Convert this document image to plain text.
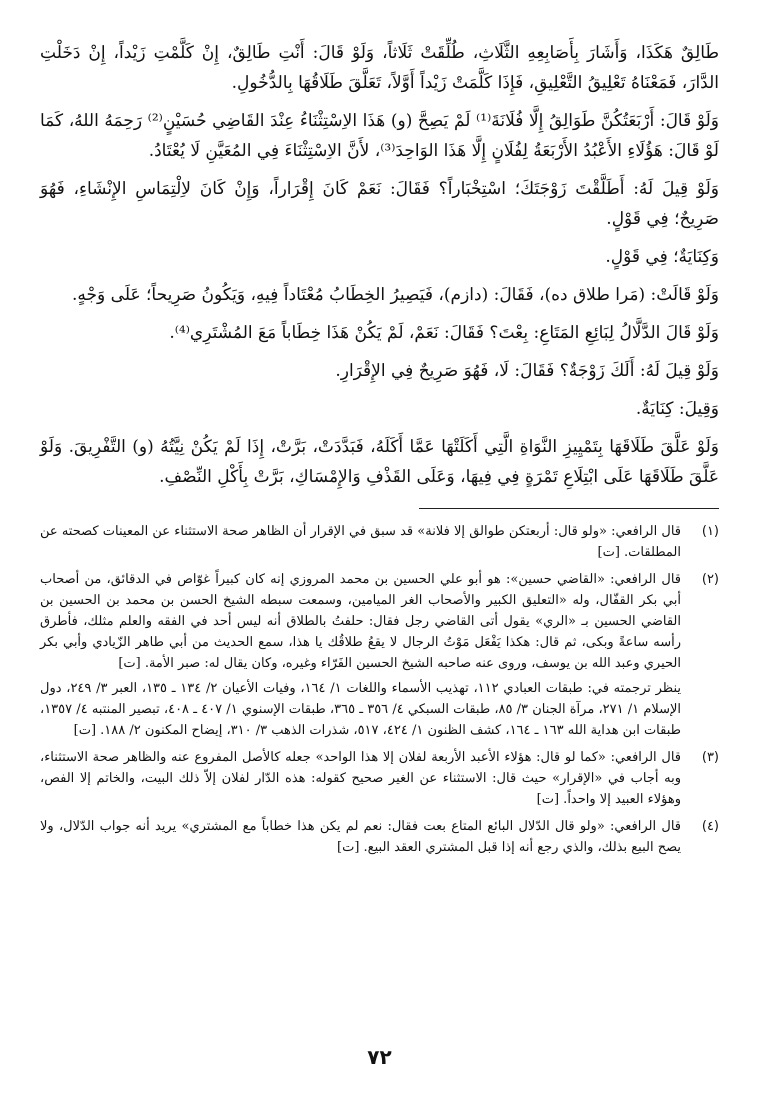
طَالِقٌ هَكَذَا، وَأَشَارَ بِأَصَابِعِهِ الثَّلَاثِ، طُلِّقَتْ ثَلَاثاً، وَلَوْ قَالَ: أَنْتِ طَالِقٌ، إِنْ كَلَّمْتِ زَيْداً، إِنْ دَخَلْتِ الدَّارَ، فَمَعْنَاهُ تَعْلِيقُ التَّعْلِيقِ، فَإِذَا كَلَّمَتْ زَيْداً أَوَّلاً، تَعَلَّقَ طَلَاقُهَا بِالدُّخُولِ.

وَلَوْ قَالَ: أَرْبَعَتُكُنَّ طَوَالِقُ إِلَّا فُلَانَةَ⁽¹⁾ لَمْ يَصِحَّ (و) هَذَا الاِسْتِثْنَاءُ عِنْدَ القَاضِي حُسَيْنٍ⁽²⁾ رَحِمَهُ اللهُ، كَمَا لَوْ قَالَ: هَؤُلَاءِ الأَعْبُدُ الأَرْبَعَةُ لِفُلَانٍ إِلَّا هَذَا الوَاحِدَ⁽³⁾، لأَنَّ الاِسْتِثْنَاءَ فِي المُعَيَّنِ لَا يُعْتَادُ.

وَلَوْ قِيلَ لَهُ: أَطَلَّقْتَ زَوْجَتَكَ؛ اسْتِخْبَاراً؟ فَقَالَ: نَعَمْ كَانَ إِقْرَاراً، وَإِنْ كَانَ لاِلْتِمَاسِ الإِنْشَاءِ، فَهُوَ صَرِيحٌ؛ فِي قَوْلٍ.

وَكِنَايَةٌ؛ فِي قَوْلٍ.

وَلَوْ قَالَتْ: (مَرا طلاق ده)، فَقَالَ: (دازم)، فَيَصِيرُ الخِطَابُ مُعْتَاداً فِيهِ، وَيَكُونُ صَرِيحاً؛ عَلَى وَجْهٍ.

وَلَوْ قَالَ الدَّلَّالُ لِبَائِعِ المَتَاعِ: بِعْتَ؟ فَقَالَ: نَعَمْ، لَمْ يَكُنْ هَذَا خِطَاباً مَعَ المُشْتَرِي⁽⁴⁾.

وَلَوْ قِيلَ لَهُ: أَلَكَ زَوْجَةٌ؟ فَقَالَ: لَا، فَهُوَ صَرِيحٌ فِي الإِقْرَارِ.

وَقِيلَ: كِنَايَةٌ.

وَلَوْ عَلَّقَ طَلَاقَهَا بِتَمْيِيزِ النَّوَاةِ الَّتِي أَكَلَتْهَا عَمَّا أَكَلَهُ، فَبَدَّدَتْ، بَرَّتْ، إِذَا لَمْ يَكُنْ نِيَّتُهُ (و) التَّفْرِيقَ. وَلَوْ عَلَّقَ طَلَاقَهَا عَلَى ابْتِلَاعِ تَمْرَةٍ فِي فِيهَا، وَعَلَى القَذْفِ وَالإِمْسَاكِ، بَرَّتْ بِأَكْلِ النِّصْفِ.

(١)
قال الرافعي: «ولو قال: أربعتكن طوالق إلا فلانة» قد سبق في الإقرار أن الظاهر صحة الاستثناء عن المعينات كصحته عن المطلقات. [ت]
(٢)
قال الرافعي: «القاضي حسين»: هو أبو علي الحسين بن محمد المروزي إنه كان كبيراً غوّاص في الدقائق، من أصحاب أبي بكر القفّال، وله «التعليق الكبير والأصحاب الغر الميامين، وسمعت سبطه الشيخ الحسن بن محمد بن الحسين بن القاضي الحسين بـ «الري» يقول أتى القاضي رجل فقال: حلفتُ بالطلاق أنه ليس أحد في الفقه والعلم مثلك، فأطرق رأسه ساعةً وبكى، ثم قال: هكذا يَفْعَل مَوْتُ الرجال لا يقعُ طلاقُك يا هذا، سمع الحديث من أبي طاهر الزّيادي وأبي بكر الحيري وعبد الله بن يوسف، وروى عنه صاحبه الشيخ الحسين الفَرّاء وغيره، وكان يقال له: صبر الأمة. [ت]
ينظر ترجمته في: طبقات العبادي ١١٢، تهذيب الأسماء واللغات ١/ ١٦٤، وفيات الأعيان ٢/ ١٣٤ ـ ١٣٥، العبر ٣/ ٢٤٩، دول الإسلام ١/ ٢٧١، مرآة الجنان ٣/ ٨٥، طبقات السبكي ٤/ ٣٥٦ ـ ٣٦٥، طبقات الإسنوي ١/ ٤٠٧ ـ ٤٠٨، تبصير المنتبه ٤/ ١٣٥٧، طبقات ابن هداية الله ١٦٣ ـ ١٦٤، كشف الظنون ١/ ٤٢٤، ٥١٧، شذرات الذهب ٣/ ٣١٠، إيضاح المكنون ٢/ ١٨٨. [ت]
(٣)
قال الرافعي: «كما لو قال: هؤلاء الأعبد الأربعة لفلان إلا هذا الواحد» جعله كالأصل المفروع عنه والظاهر صحة الاستثناء، وبه أجاب في «الإقرار» حيث قال: الاستثناء عن الغير صحيح كقوله: هذه الدّار لفلان إلاّ ذلك البيت، والخاتم إلا الفص، وهؤلاء العبيد إلا واحداً. [ت]
(٤)
قال الرافعي: «ولو قال الدّلال البائع المتاع بعت فقال: نعم لم يكن هذا خطاباً مع المشتري» يريد أنه جواب الدّلال، ولا يصح البيع بذلك، والذي رجع أنه إذا قبل المشتري العقد البيع. [ت]
٧٢
